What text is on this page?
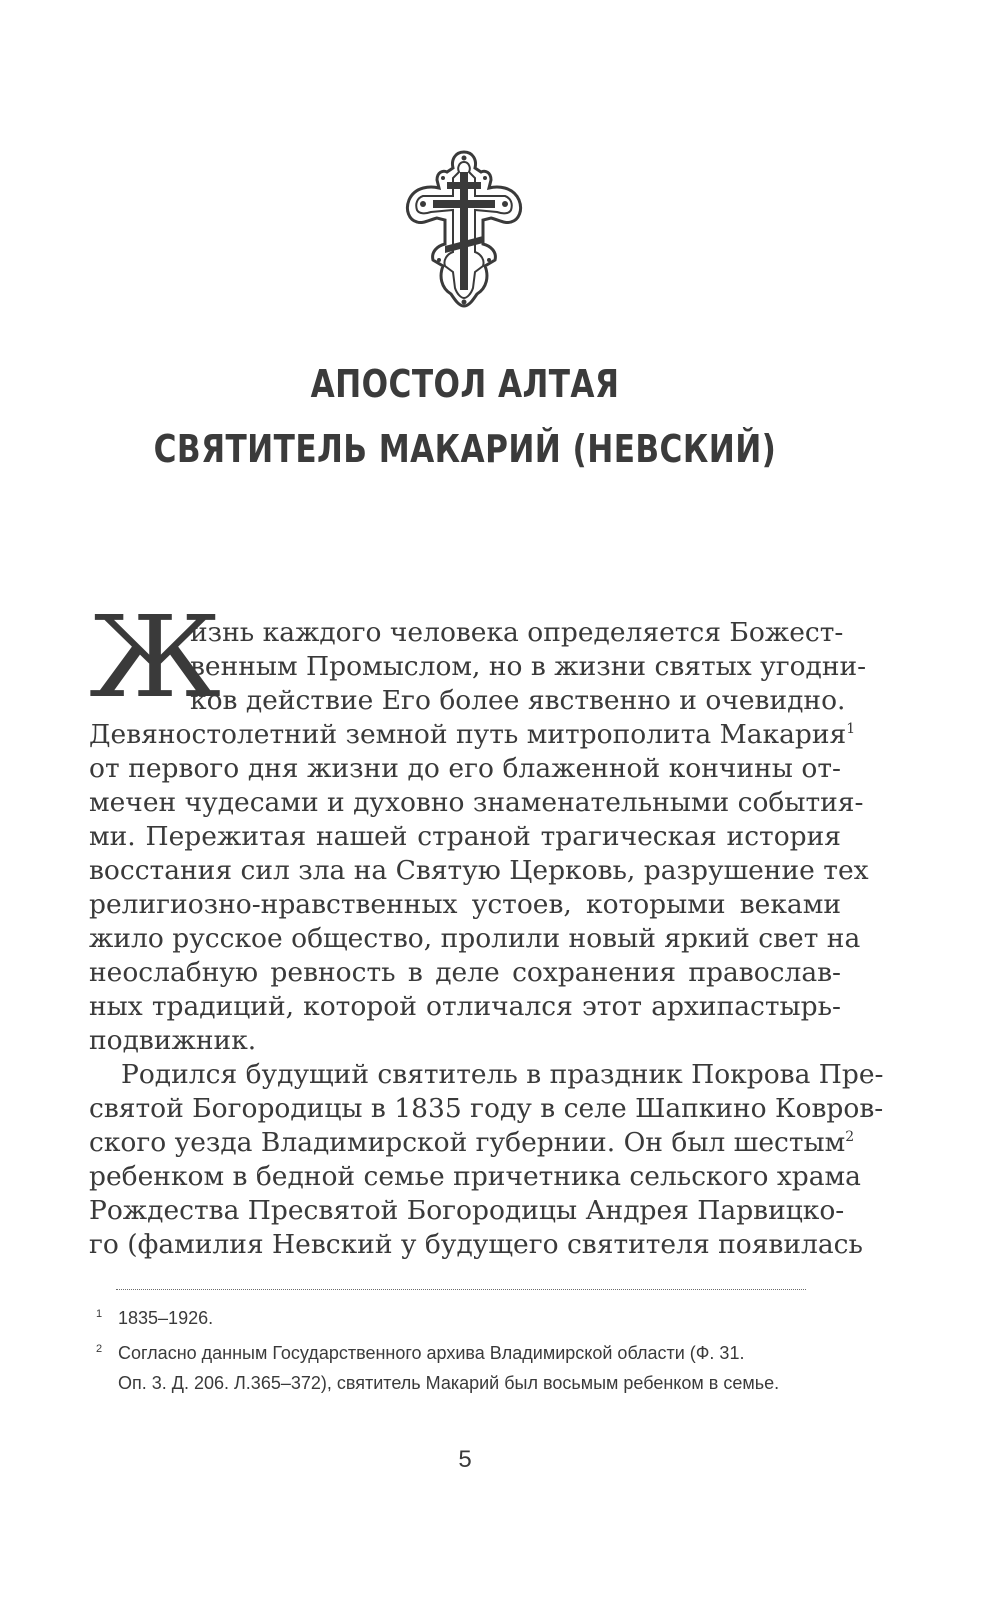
АПОСТОЛ АЛТАЯ
СВЯТИТЕЛЬ МАКАРИЙ (НЕВСКИЙ)
Ж
изнь каждого человека определяется Божест-
венным Промыслом, но в жизни святых угодни-
ков действие Его более явственно и очевидно.
Девяностолетний земной путь митрополита Макария$^1$
от первого дня жизни до его блаженной кончины от-
мечен чудесами и духовно знаменательными события-
ми. Пережитая нашей страной трагическая история
восстания сил зла на Святую Церковь, разрушение тех
религиозно-нравственных устоев, которыми веками
жило русское общество, пролили новый яркий свет на
неослабную ревность в деле сохранения православ-
ных традиций, которой отличался этот архипастырь-
подвижник.
Родился будущий святитель в праздник Покрова Пре-
святой Богородицы в 1835 году в селе Шапкино Ковров-
ского уезда Владимирской губернии. Он был шестым$^2$
ребенком в бедной семье причетника сельского храма
Рождества Пресвятой Богородицы Андрея Парвицко-
го (фамилия Невский у будущего святителя появилась
1 1835–1926.
2 Согласно данным Государственного архива Владимирской области (Ф. 31.
Оп. 3. Д. 206. Л.365–372), святитель Макарий был восьмым ребенком в семье.
5
